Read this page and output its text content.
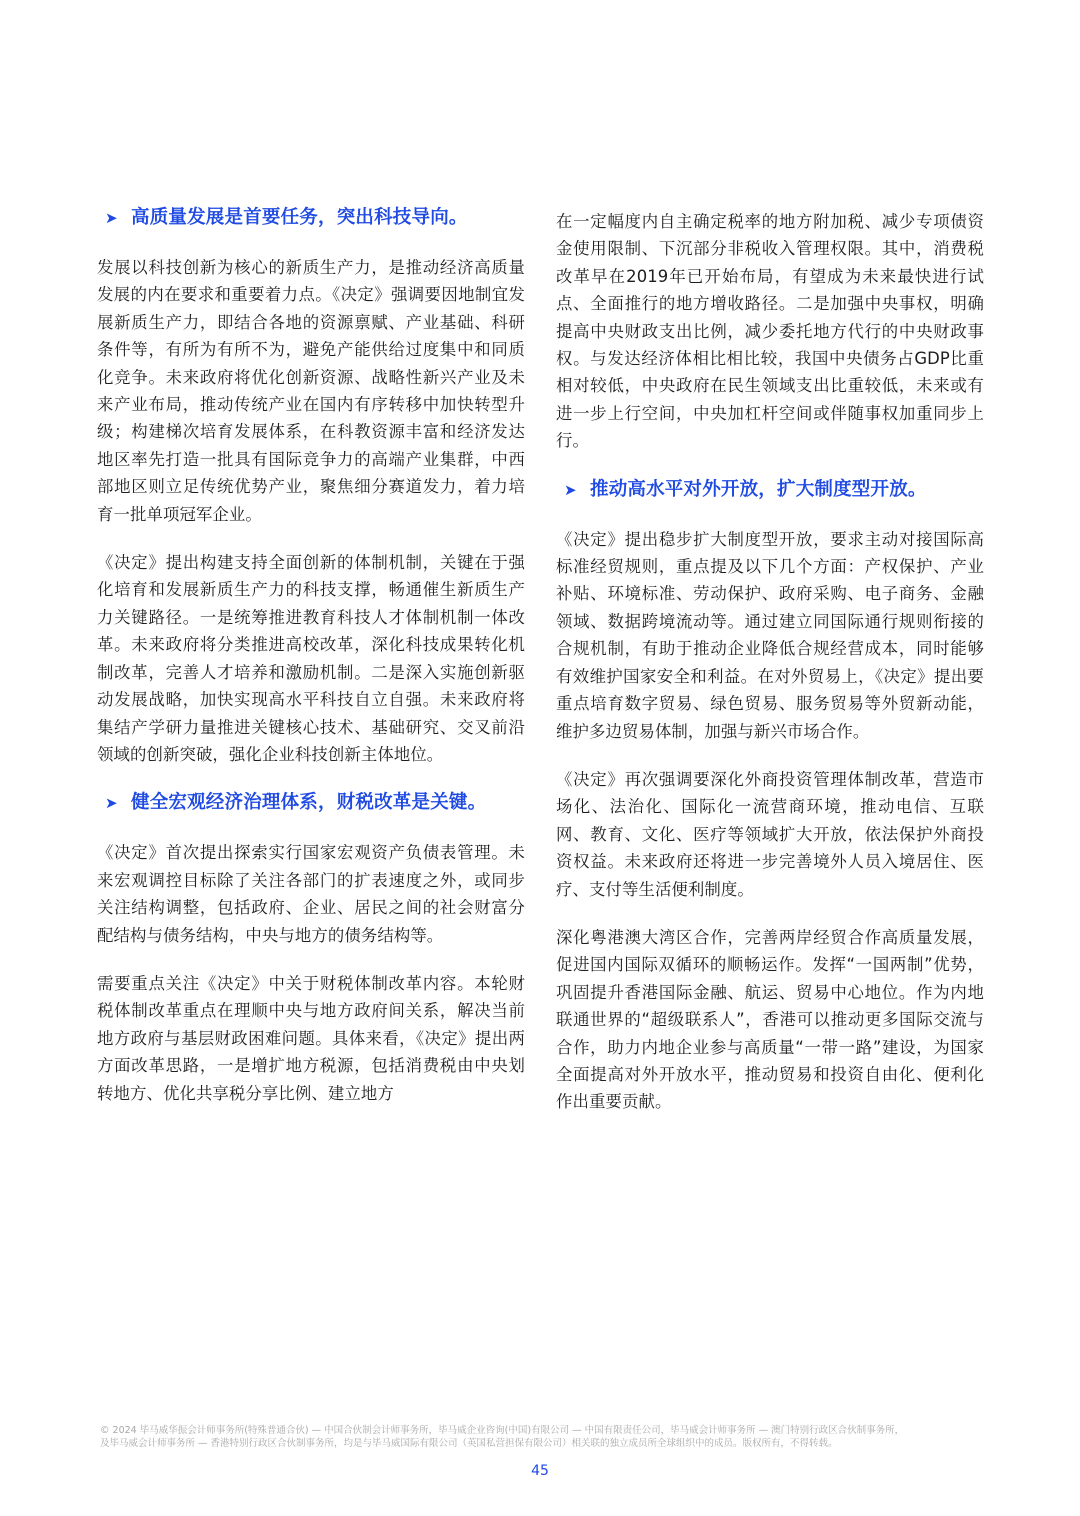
➤ 高质量发展是首要任务，突出科技导向。

发展以科技创新为核心的新质生产力，是推动经济高质量发展的内在要求和重要着力点。《决定》强调要因地制宜发展新质生产力，即结合各地的资源禀赋、产业基础、科研条件等，有所为有所不为，避免产能供给过度集中和同质化竞争。未来政府将优化创新资源、战略性新兴产业及未来产业布局，推动传统产业在国内有序转移中加快转型升级；构建梯次培育发展体系，在科教资源丰富和经济发达地区率先打造一批具有国际竞争力的高端产业集群，中西部地区则立足传统优势产业，聚焦细分赛道发力，着力培育一批单项冠军企业。

《决定》提出构建支持全面创新的体制机制，关键在于强化培育和发展新质生产力的科技支撑，畅通催生新质生产力关键路径。一是统筹推进教育科技人才体制机制一体改革。未来政府将分类推进高校改革，深化科技成果转化机制改革，完善人才培养和激励机制。二是深入实施创新驱动发展战略，加快实现高水平科技自立自强。未来政府将集结产学研力量推进关键核心技术、基础研究、交叉前沿领域的创新突破，强化企业科技创新主体地位。

➤ 健全宏观经济治理体系，财税改革是关键。

《决定》首次提出探索实行国家宏观资产负债表管理。未来宏观调控目标除了关注各部门的扩表速度之外，或同步关注结构调整，包括政府、企业、居民之间的社会财富分配结构与债务结构，中央与地方的债务结构等。

需要重点关注《决定》中关于财税体制改革内容。本轮财税体制改革重点在理顺中央与地方政府间关系，解决当前地方政府与基层财政困难问题。具体来看，《决定》提出两方面改革思路，一是增扩地方税源，包括消费税由中央划转地方、优化共享税分享比例、建立地方

在一定幅度内自主确定税率的地方附加税、减少专项债资金使用限制、下沉部分非税收入管理权限。其中，消费税改革早在2019年已开始布局，有望成为未来最快进行试点、全面推行的地方增收路径。二是加强中央事权，明确提高中央财政支出比例，减少委托地方代行的中央财政事权。与发达经济体相比相比较，我国中央债务占GDP比重相对较低，中央政府在民生领域支出比重较低，未来或有进一步上行空间，中央加杠杆空间或伴随事权加重同步上行。

➤ 推动高水平对外开放，扩大制度型开放。

《决定》提出稳步扩大制度型开放，要求主动对接国际高标准经贸规则，重点提及以下几个方面：产权保护、产业补贴、环境标准、劳动保护、政府采购、电子商务、金融领域、数据跨境流动等。通过建立同国际通行规则衔接的合规机制，有助于推动企业降低合规经营成本，同时能够有效维护国家安全和利益。在对外贸易上，《决定》提出要重点培育数字贸易、绿色贸易、服务贸易等外贸新动能，维护多边贸易体制，加强与新兴市场合作。

《决定》再次强调要深化外商投资管理体制改革，营造市场化、法治化、国际化一流营商环境，推动电信、互联网、教育、文化、医疗等领域扩大开放，依法保护外商投资权益。未来政府还将进一步完善境外人员入境居住、医疗、支付等生活便利制度。

深化粤港澳大湾区合作，完善两岸经贸合作高质量发展，促进国内国际双循环的顺畅运作。发挥“一国两制”优势，巩固提升香港国际金融、航运、贸易中心地位。作为内地联通世界的“超级联系人”，香港可以推动更多国际交流与合作，助力内地企业参与高质量“一带一路”建设，为国家全面提高对外开放水平，推动贸易和投资自由化、便利化作出重要贡献。

© 2024 毕马威华振会计师事务所(特殊普通合伙) — 中国合伙制会计师事务所，毕马威企业咨询(中国)有限公司 — 中国有限责任公司，毕马威会计师事务所 — 澳门特别行政区合伙制事务所，
及毕马威会计师事务所 — 香港特别行政区合伙制事务所，均是与毕马威国际有限公司（英国私营担保有限公司）相关联的独立成员所全球组织中的成员。版权所有，不得转载。
45
